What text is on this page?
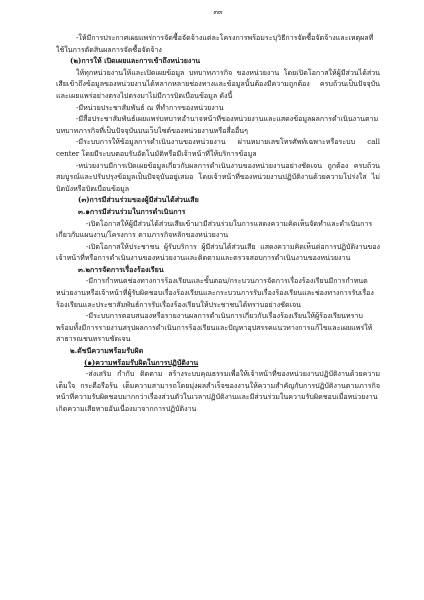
๓๓

-ให้มีการประกาศเผยแพร่การจัดซื้อจัดจ้างแต่ละโครงการพร้อมระบุวิธีการจัดซื้อจัดจ้างและเหตุผลที่ใช้ในการตัดสินผลการจัดซื้อจัดจ้าง

(๒)การให้ เปิดเผยและการเข้าถึงหน่วยงาน

ให้ทุกหน่วยงานให้และเปิดเผยข้อมูล บทบาทภารกิจ ของหน่วยงาน โดยเปิดโอกาสให้ผู้มีส่วนได้ส่วนเสียเข้าถึงข้อมูลของหน่วยงานได้หลากหลายช่องทางและข้อมูลนั้นต้องมีความถูกต้อง ครบถ้วนเป็นปัจจุบัน และเผยแพร่อย่างตรงไปตรงมาไม่มีการบิดเบือนข้อมูล ดังนี้

-มีหน่วยประชาสัมพันธ์ ณ ที่ทำการของหน่วยงาน

-มีสื่อประชาสัมพันธ์เผยแพร่บทบาทอำนาจหน้าที่ของหน่วยงานและแสดงข้อมูลผลการดำเนินงานตามบทบาทภารกิจที่เป็นปัจจุบันบนเว็บไซต์ของหน่วยงานหรือสื่ออื่นๆ

-มีระบบการให้ข้อมูลการดำเนินงานของหน่วยงาน ผ่านหมายเลขโทรศัพท์เฉพาะหรือระบบ call center โดยมีระบบตอบรับอัตโนมัติหรือมีเจ้าหน้าที่ให้บริการข้อมูล

-หน่วยงานมีการเปิดเผยข้อมูลเกี่ยวกับผลการดำเนินงานของหน่วยงานอย่างชัดเจน ถูกต้อง ครบถ้วนสมบูรณ์และปรับปรุงข้อมูลเป็นปัจจุบันอยู่เสมอ โดยเจ้าหน้าที่ของหน่วยงานปฏิบัติงานด้วยความโปร่งใส ไม่บิดบังหรือบิดเบือนข้อมูล

(๓)การมีส่วนร่วมของผู้มีส่วนได้ส่วนเสีย

๓.๑การมีส่วนร่วมในการดำเนินการ

-เปิดโอกาสให้ผู้มีส่วนได้ส่วนเสียเข้ามามีส่วนร่วมในการแสดงความคิดเห็นจัดทำและดำเนินการเกี่ยวกับแผนงาน/โครงการ ตามภารกิจหลักของหน่วยงาน

-เปิดโอกาสให้ประชาชน ผู้รับบริการ ผู้มีส่วนได้ส่วนเสีย แสดงความคิดเห็นต่อการปฏิบัติงานของเจ้าหน้าที่หรือการดำเนินงานของหน่วยงานและติดตามและตรวจสอบการดำเนินงานของหน่วยงาน

๓.๒การจัดการเรื่องร้องเรียน

-มีการกำหนดช่องทางการร้องเรียนและขั้นตอน/กระบวนการจัดการเรื่องร้องเรียนมีการกำหนดหน่วยงานหรือเจ้าหน้าที่ผู้รับผิดชอบเรื่องร้องเรียนและกระบวนการรับเรื่องร้องเรียนและช่องทางการรับเรื่องร้องเรียนและประชาสัมพันธ์การรับเรื่องร้องเรียนให้ประชาชนได้ทราบอย่างชัดเจน

-มีระบบการตอบสนองหรือรายงานผลการดำเนินการเกี่ยวกับเรื่องร้องเรียนให้ผู้ร้องเรียนทราบพร้อมทั้งมีการรายงานสรุปผลการดำเนินการร้องเรียนและปัญหาอุปสรรคแนวทางการแก้ไขและเผยแพร่ให้สาธารณชนทราบชัดเจน

๒.ดัชนีความพร้อมรับผิด

(๑)ความพร้อมรับผิดในการปฏิบัติงาน

-ส่งเสริม กำกับ ติดตาม สร้างระบบคุณธรรมเพื่อให้เจ้าหน้าที่ของหน่วยงานปฏิบัติงานด้วยความเต็มใจ กระตือรือร้น เต็มความสามารถโดยมุ่งผลสำเร็จของงานให้ความสำคัญกับการปฏิบัติงานตามภารกิจหน้าที่ความรับผิดชอบมากกว่าเรื่องส่วนตัวในเวลาปฏิบัติงานและมีส่วนร่วมในความรับผิดชอบเมื่อหน่วยงานเกิดความเสียหายอันเนื่องมาจากการปฏิบัติงาน
